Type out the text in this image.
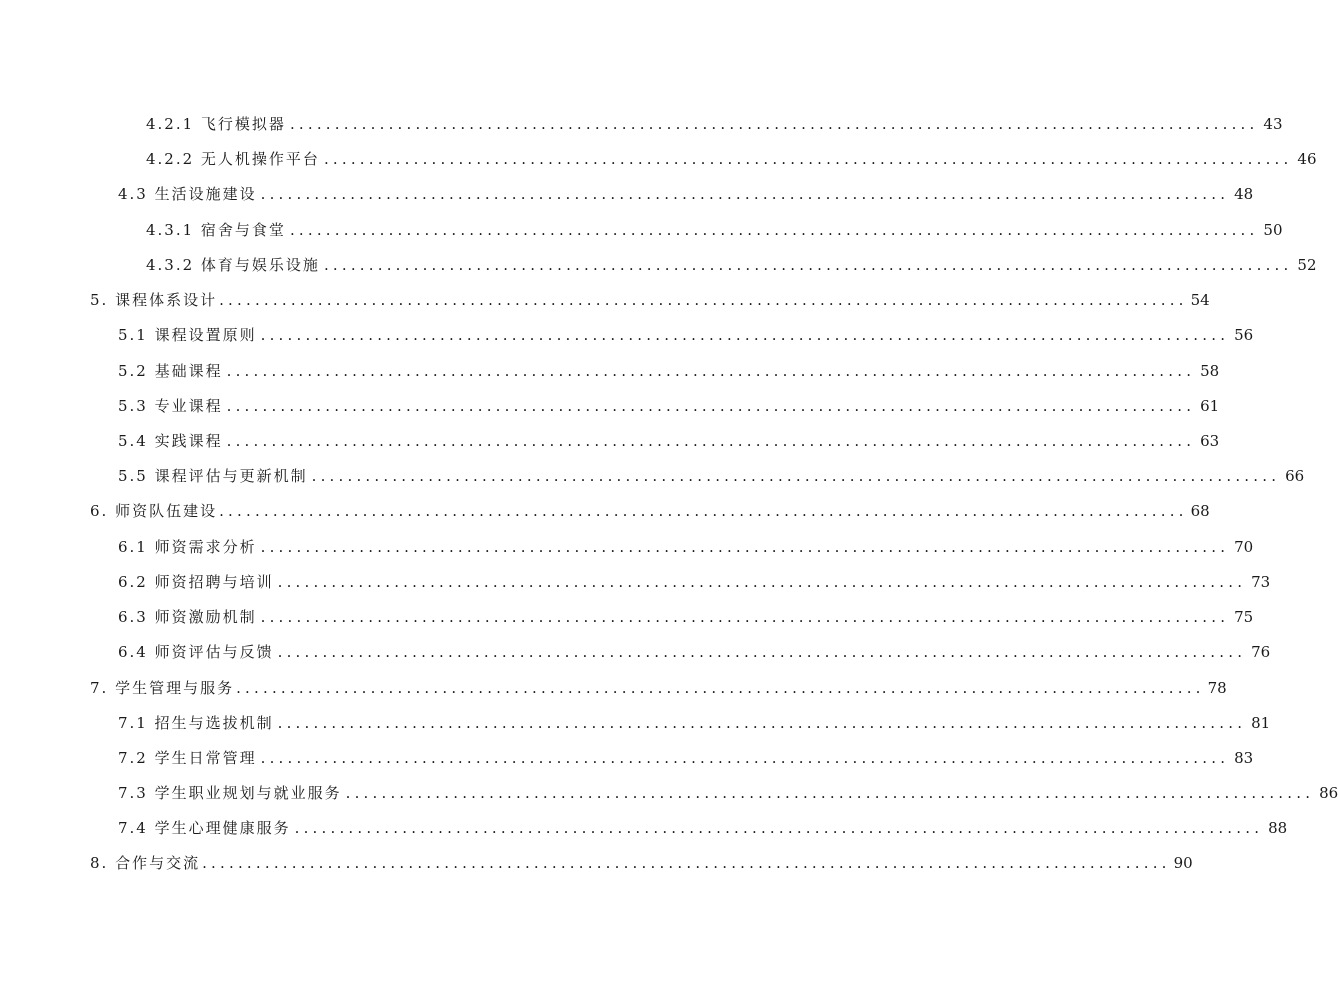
4.2.1 飞行模拟器 ............................................................................................................ 43
4.2.2 无人机操作平台 ............................................................................................................ 46
4.3 生活设施建设 ............................................................................................................ 48
4.3.1 宿舍与食堂 ............................................................................................................ 50
4.3.2 体育与娱乐设施 ............................................................................................................ 52
5. 课程体系设计 ............................................................................................................ 54
5.1 课程设置原则 ............................................................................................................ 56
5.2 基础课程 ............................................................................................................ 58
5.3 专业课程 ............................................................................................................ 61
5.4 实践课程 ............................................................................................................ 63
5.5 课程评估与更新机制 ............................................................................................................ 66
6. 师资队伍建设 ............................................................................................................ 68
6.1 师资需求分析 ............................................................................................................ 70
6.2 师资招聘与培训 ............................................................................................................ 73
6.3 师资激励机制 ............................................................................................................ 75
6.4 师资评估与反馈 ............................................................................................................ 76
7. 学生管理与服务 ............................................................................................................ 78
7.1 招生与选拔机制 ............................................................................................................ 81
7.2 学生日常管理 ............................................................................................................ 83
7.3 学生职业规划与就业服务 ............................................................................................................ 86
7.4 学生心理健康服务 ............................................................................................................ 88
8. 合作与交流 ............................................................................................................ 90
